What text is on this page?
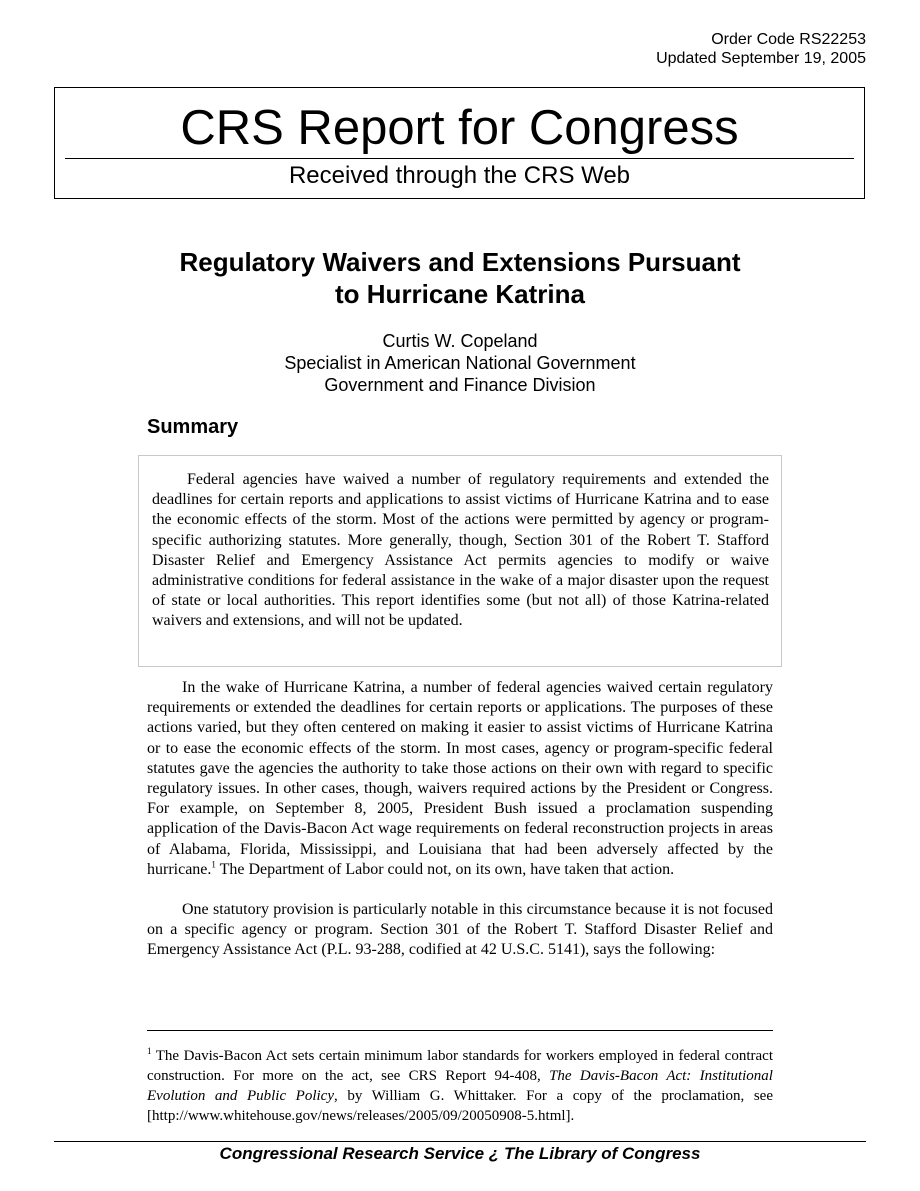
Order Code RS22253
Updated September 19, 2005
CRS Report for Congress
Received through the CRS Web
Regulatory Waivers and Extensions Pursuant
to Hurricane Katrina
Curtis W. Copeland
Specialist in American National Government
Government and Finance Division
Summary

Federal agencies have waived a number of regulatory requirements and extended the deadlines for certain reports and applications to assist victims of Hurricane Katrina and to ease the economic effects of the storm. Most of the actions were permitted by agency or program-specific authorizing statutes. More generally, though, Section 301 of the Robert T. Stafford Disaster Relief and Emergency Assistance Act permits agencies to modify or waive administrative conditions for federal assistance in the wake of a major disaster upon the request of state or local authorities. This report identifies some (but not all) of those Katrina-related waivers and extensions, and will not be updated.

In the wake of Hurricane Katrina, a number of federal agencies waived certain regulatory requirements or extended the deadlines for certain reports or applications. The purposes of these actions varied, but they often centered on making it easier to assist victims of Hurricane Katrina or to ease the economic effects of the storm. In most cases, agency or program-specific federal statutes gave the agencies the authority to take those actions on their own with regard to specific regulatory issues. In other cases, though, waivers required actions by the President or Congress. For example, on September 8, 2005, President Bush issued a proclamation suspending application of the Davis-Bacon Act wage requirements on federal reconstruction projects in areas of Alabama, Florida, Mississippi, and Louisiana that had been adversely affected by the hurricane.$^1$ The Department of Labor could not, on its own, have taken that action.

One statutory provision is particularly notable in this circumstance because it is not focused on a specific agency or program. Section 301 of the Robert T. Stafford Disaster Relief and Emergency Assistance Act (P.L. 93-288, codified at 42 U.S.C. 5141), says the following:

$^1$ The Davis-Bacon Act sets certain minimum labor standards for workers employed in federal contract construction. For more on the act, see CRS Report 94-408, The Davis-Bacon Act: Institutional Evolution and Public Policy, by William G. Whittaker. For a copy of the proclamation, see [http://www.whitehouse.gov/news/releases/2005/09/20050908-5.html].

Congressional Research Service ¿ The Library of Congress
